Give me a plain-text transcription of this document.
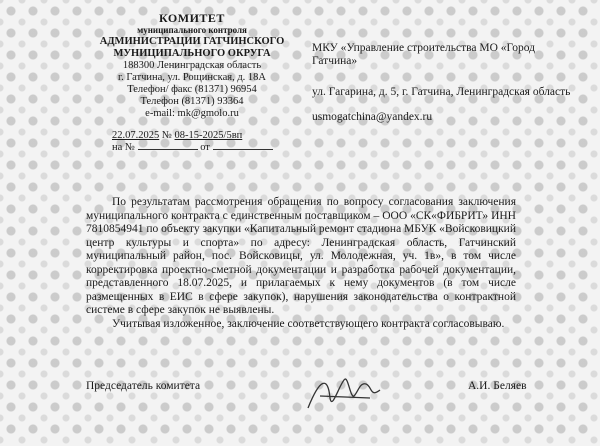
КОМИТЕТ
муниципального контроля
АДМИНИСТРАЦИИ ГАТЧИНСКОГО
МУНИЦИПАЛЬНОГО ОКРУГА
188300 Ленинградская область
г. Гатчина, ул. Рощинская, д. 18А
Телефон/ факс (81371) 96954
Телефон (81371) 93364
e-mail: mk@gmolo.ru
22.07.2025 № 08-15-2025/5вп
на №	от

МКУ «Управление строительства МО «Город Гатчина»

ул. Гагарина, д. 5, г. Гатчина, Ленинградская область

usmogatchina@yandex.ru

По результатам рассмотрения обращения по вопросу согласования заключения муниципального контракта с единственным поставщиком – ООО «СК«ФИБРИТ» ИНН 7810854941 по объекту закупки «Капитальный ремонт стадиона МБУК «Войсковицкий центр культуры и спорта» по адресу: Ленинградская область, Гатчинский муниципальный район, пос. Войсковицы, ул. Молодежная, уч. 1в», в том числе корректировка проектно-сметной документации и разработка рабочей документации, представленного 18.07.2025, и прилагаемых к нему документов (в том числе размещенных в ЕИС в сфере закупок), нарушения законодательства о контрактной системе в сфере закупок не выявлены.

Учитывая изложенное, заключение соответствующего контракта согласовываю.

Председатель комитета	А.И. Беляев
